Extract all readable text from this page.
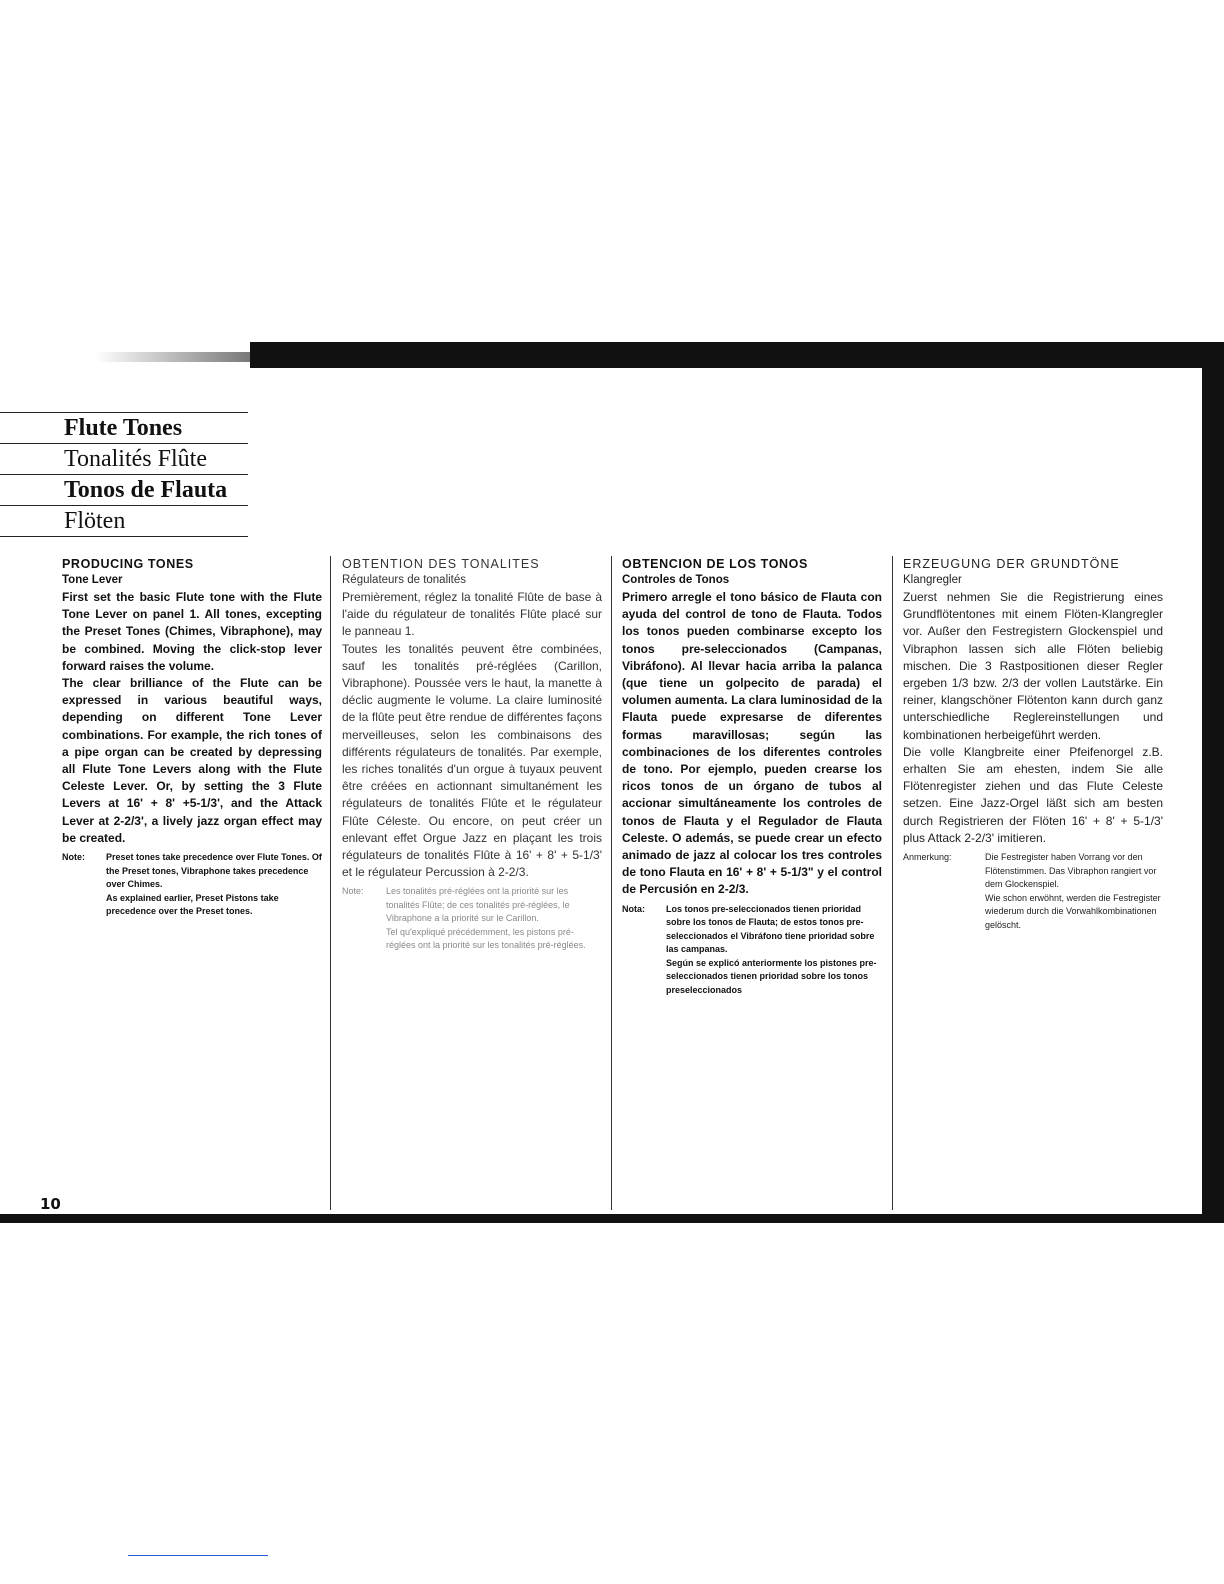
Flute Tones
Tonalités Flûte
Tonos de Flauta
Flöten
PRODUCING TONES
Tone Lever

First set the basic Flute tone with the Flute Tone Lever on panel 1. All tones, excepting the Preset Tones (Chimes, Vibraphone), may be combined. Moving the click-stop lever forward raises the volume.

The clear brilliance of the Flute can be expressed in various beautiful ways, depending on different Tone Lever combinations. For example, the rich tones of a pipe organ can be created by depressing all Flute Tone Levers along with the Flute Celeste Lever. Or, by setting the 3 Flute Levers at 16' + 8' +5-1/3', and the Attack Lever at 2-2/3', a lively jazz organ effect may be created.

Note:	Preset tones take precedence over Flute Tones. Of the Preset tones, Vibraphone takes precedence over Chimes.

As explained earlier, Preset Pistons take precedence over the Preset tones.

OBTENTION DES TONALITES
Régulateurs de tonalités

Premièrement, réglez la tonalité Flûte de base à l'aide du régulateur de tonalités Flûte placé sur le panneau 1.

Toutes les tonalités peuvent être combinées, sauf les tonalités pré-réglées (Carillon, Vibraphone). Poussée vers le haut, la manette à déclic augmente le volume. La claire luminosité de la flûte peut être rendue de différentes façons merveilleuses, selon les combinaisons des différents régulateurs de tonalités. Par exemple, les riches tonalités d'un orgue à tuyaux peuvent être créées en actionnant simultanément les régulateurs de tonalités Flûte et le régulateur Flûte Céleste. Ou encore, on peut créer un enlevant effet Orgue Jazz en plaçant les trois régulateurs de tonalités Flûte à 16' + 8' + 5-1/3' et le régulateur Percussion à 2-2/3.

Note:	Les tonalités pré-réglées ont la priorité sur les tonalités Flûte; de ces tonalités pré-réglées, le Vibraphone a la priorité sur le Carillon.

Tel qu'expliqué précédemment, les pistons pré-réglées ont la priorité sur les tonalités pré-réglées.

OBTENCION DE LOS TONOS
Controles de Tonos

Primero arregle el tono básico de Flauta con ayuda del control de tono de Flauta. Todos los tonos pueden combinarse excepto los tonos pre-seleccionados (Campanas, Vibráfono). Al llevar hacia arriba la palanca (que tiene un golpecito de parada) el volumen aumenta. La clara luminosidad de la Flauta puede expresarse de diferentes formas maravillosas; según las combinaciones de los diferentes controles de tono. Por ejemplo, pueden crearse los ricos tonos de un órgano de tubos al accionar simultáneamente los controles de tonos de Flauta y el Regulador de Flauta Celeste. O además, se puede crear un efecto animado de jazz al colocar los tres controles de tono Flauta en 16' + 8' + 5-1/3" y el control de Percusión en 2-2/3.

Nota:	Los tonos pre-seleccionados tienen prioridad sobre los tonos de Flauta; de estos tonos pre-seleccionados el Vibráfono tiene prioridad sobre las campanas.

Según se explicó anteriormente los pistones pre-seleccionados tienen prioridad sobre los tonos preseleccionados

ERZEUGUNG DER GRUNDTÖNE
Klangregler

Zuerst nehmen Sie die Registrierung eines Grundflötentones mit einem Flöten-Klangregler vor. Außer den Festregistern Glockenspiel und Vibraphon lassen sich alle Flöten beliebig mischen. Die 3 Rastpositionen dieser Regler ergeben 1/3 bzw. 2/3 der vollen Lautstärke. Ein reiner, klangschöner Flötenton kann durch ganz unterschiedliche Reglereinstellungen und kombinationen herbeigeführt werden.

Die volle Klangbreite einer Pfeifenorgel z.B. erhalten Sie am ehesten, indem Sie alle Flötenregister ziehen und das Flute Celeste setzen. Eine Jazz-Orgel läßt sich am besten durch Registrieren der Flöten 16' + 8' + 5-1/3' plus Attack 2-2/3' imitieren.

Anmerkung:	Die Festregister haben Vorrang vor den Flötenstimmen. Das Vibraphon rangiert vor dem Glockenspiel.

Wie schon erwöhnt, werden die Festregister wiederum durch die Vorwahlkombinationen gelöscht.

10
